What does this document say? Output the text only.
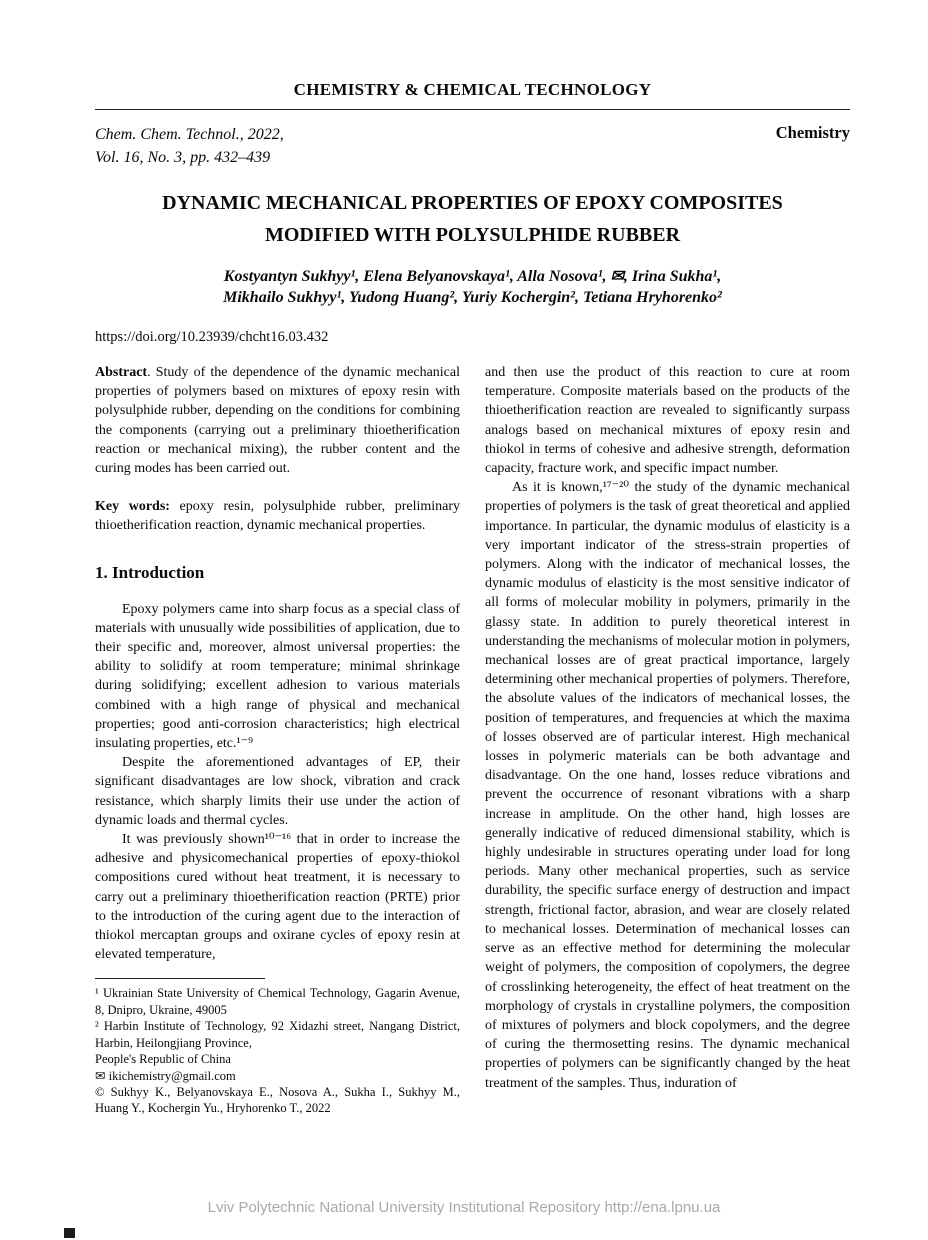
CHEMISTRY & CHEMICAL TECHNOLOGY
Chem. Chem. Technol., 2022,
Vol. 16, No. 3, pp. 432–439
Chemistry
DYNAMIC MECHANICAL PROPERTIES OF EPOXY COMPOSITES
MODIFIED WITH POLYSULPHIDE RUBBER
Kostyantyn Sukhyy¹, Elena Belyanovskaya¹, Alla Nosova¹, ✉, Irina Sukha¹,
Mikhailo Sukhyy¹, Yudong Huang², Yuriy Kochergin², Tetiana Hryhorenko²
https://doi.org/10.23939/chcht16.03.432

Abstract. Study of the dependence of the dynamic mechanical properties of polymers based on mixtures of epoxy resin with polysulphide rubber, depending on the conditions for combining the components (carrying out a preliminary thioetherification reaction or mechanical mixing), the rubber content and the curing modes has been carried out.

Key words: epoxy resin, polysulphide rubber, preliminary thioetherification reaction, dynamic mechanical properties.

1. Introduction

Epoxy polymers came into sharp focus as a special class of materials with unusually wide possibilities of application, due to their specific and, moreover, almost universal properties: the ability to solidify at room temperature; minimal shrinkage during solidifying; excellent adhesion to various materials combined with a high range of physical and mechanical properties; good anti-corrosion characteristics; high electrical insulating properties, etc.¹⁻⁹

Despite the aforementioned advantages of EP, their significant disadvantages are low shock, vibration and crack resistance, which sharply limits their use under the action of dynamic loads and thermal cycles.

It was previously shown¹⁰⁻¹⁶ that in order to increase the adhesive and physicomechanical properties of epoxy-thiokol compositions cured without heat treatment, it is necessary to carry out a preliminary thioetherification reaction (PRTE) prior to the introduction of the curing agent due to the interaction of thiokol mercaptan groups and oxirane cycles of epoxy resin at elevated temperature,

¹ Ukrainian State University of Chemical Technology, Gagarin Avenue, 8, Dnipro, Ukraine, 49005

² Harbin Institute of Technology, 92 Xidazhi street, Nangang District, Harbin, Heilongjiang Province,

People's Republic of China

✉ ikichemistry@gmail.com

© Sukhyy K., Belyanovskaya E., Nosova A., Sukha I., Sukhyy M., Huang Y., Kochergin Yu., Hryhorenko T., 2022

and then use the product of this reaction to cure at room temperature. Composite materials based on the products of the thioetherification reaction are revealed to significantly surpass analogs based on mechanical mixtures of epoxy resin and thiokol in terms of cohesive and adhesive strength, deformation capacity, fracture work, and specific impact number.

As it is known,¹⁷⁻²⁰ the study of the dynamic mechanical properties of polymers is the task of great theoretical and applied importance. In particular, the dynamic modulus of elasticity is a very important indicator of the stress-strain properties of polymers. Along with the indicator of mechanical losses, the dynamic modulus of elasticity is the most sensitive indicator of all forms of molecular mobility in polymers, primarily in the glassy state. In addition to purely theoretical interest in understanding the mechanisms of molecular motion in polymers, mechanical losses are of great practical importance, largely determining other mechanical properties of polymers. Therefore, the absolute values of the indicators of mechanical losses, the position of temperatures, and frequencies at which the maxima of losses observed are of particular interest. High mechanical losses in polymeric materials can be both advantage and disadvantage. On the one hand, losses reduce vibrations and prevent the occurrence of resonant vibrations with a sharp increase in amplitude. On the other hand, high losses are generally indicative of reduced dimensional stability, which is highly undesirable in structures operating under load for long periods. Many other mechanical properties, such as service durability, the specific surface energy of destruction and impact strength, frictional factor, abrasion, and wear are closely related to mechanical losses. Determination of mechanical losses can serve as an effective method for determining the molecular weight of polymers, the composition of copolymers, the degree of crosslinking heterogeneity, the effect of heat treatment on the morphology of crystals in crystalline polymers, the composition of mixtures of polymers and block copolymers, and the degree of curing the thermosetting resins. The dynamic mechanical properties of polymers can be significantly changed by the heat treatment of the samples. Thus, induration of

Lviv Polytechnic National University Institutional Repository http://ena.lpnu.ua
